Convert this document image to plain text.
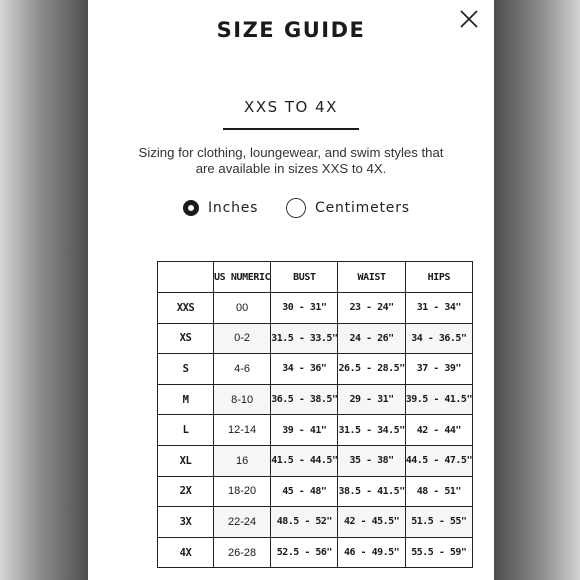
SIZE GUIDE
XXS TO 4X
Sizing for clothing, loungewear, and swim styles that
are available in sizes XXS to 4X.
Inches	Centimeters
	US NUMERIC	BUST	WAIST	HIPS
XXS	00	30 - 31"	23 - 24"	31 - 34"
XS	0-2	31.5 - 33.5"	24 - 26"	34 - 36.5"
S	4-6	34 - 36"	26.5 - 28.5"	37 - 39"
M	8-10	36.5 - 38.5"	29 - 31"	39.5 - 41.5"
L	12-14	39 - 41"	31.5 - 34.5"	42 - 44"
XL	16	41.5 - 44.5"	35 - 38"	44.5 - 47.5"
2X	18-20	45 - 48"	38.5 - 41.5"	48 - 51"
3X	22-24	48.5 - 52"	42 - 45.5"	51.5 - 55"
4X	26-28	52.5 - 56"	46 - 49.5"	55.5 - 59"
